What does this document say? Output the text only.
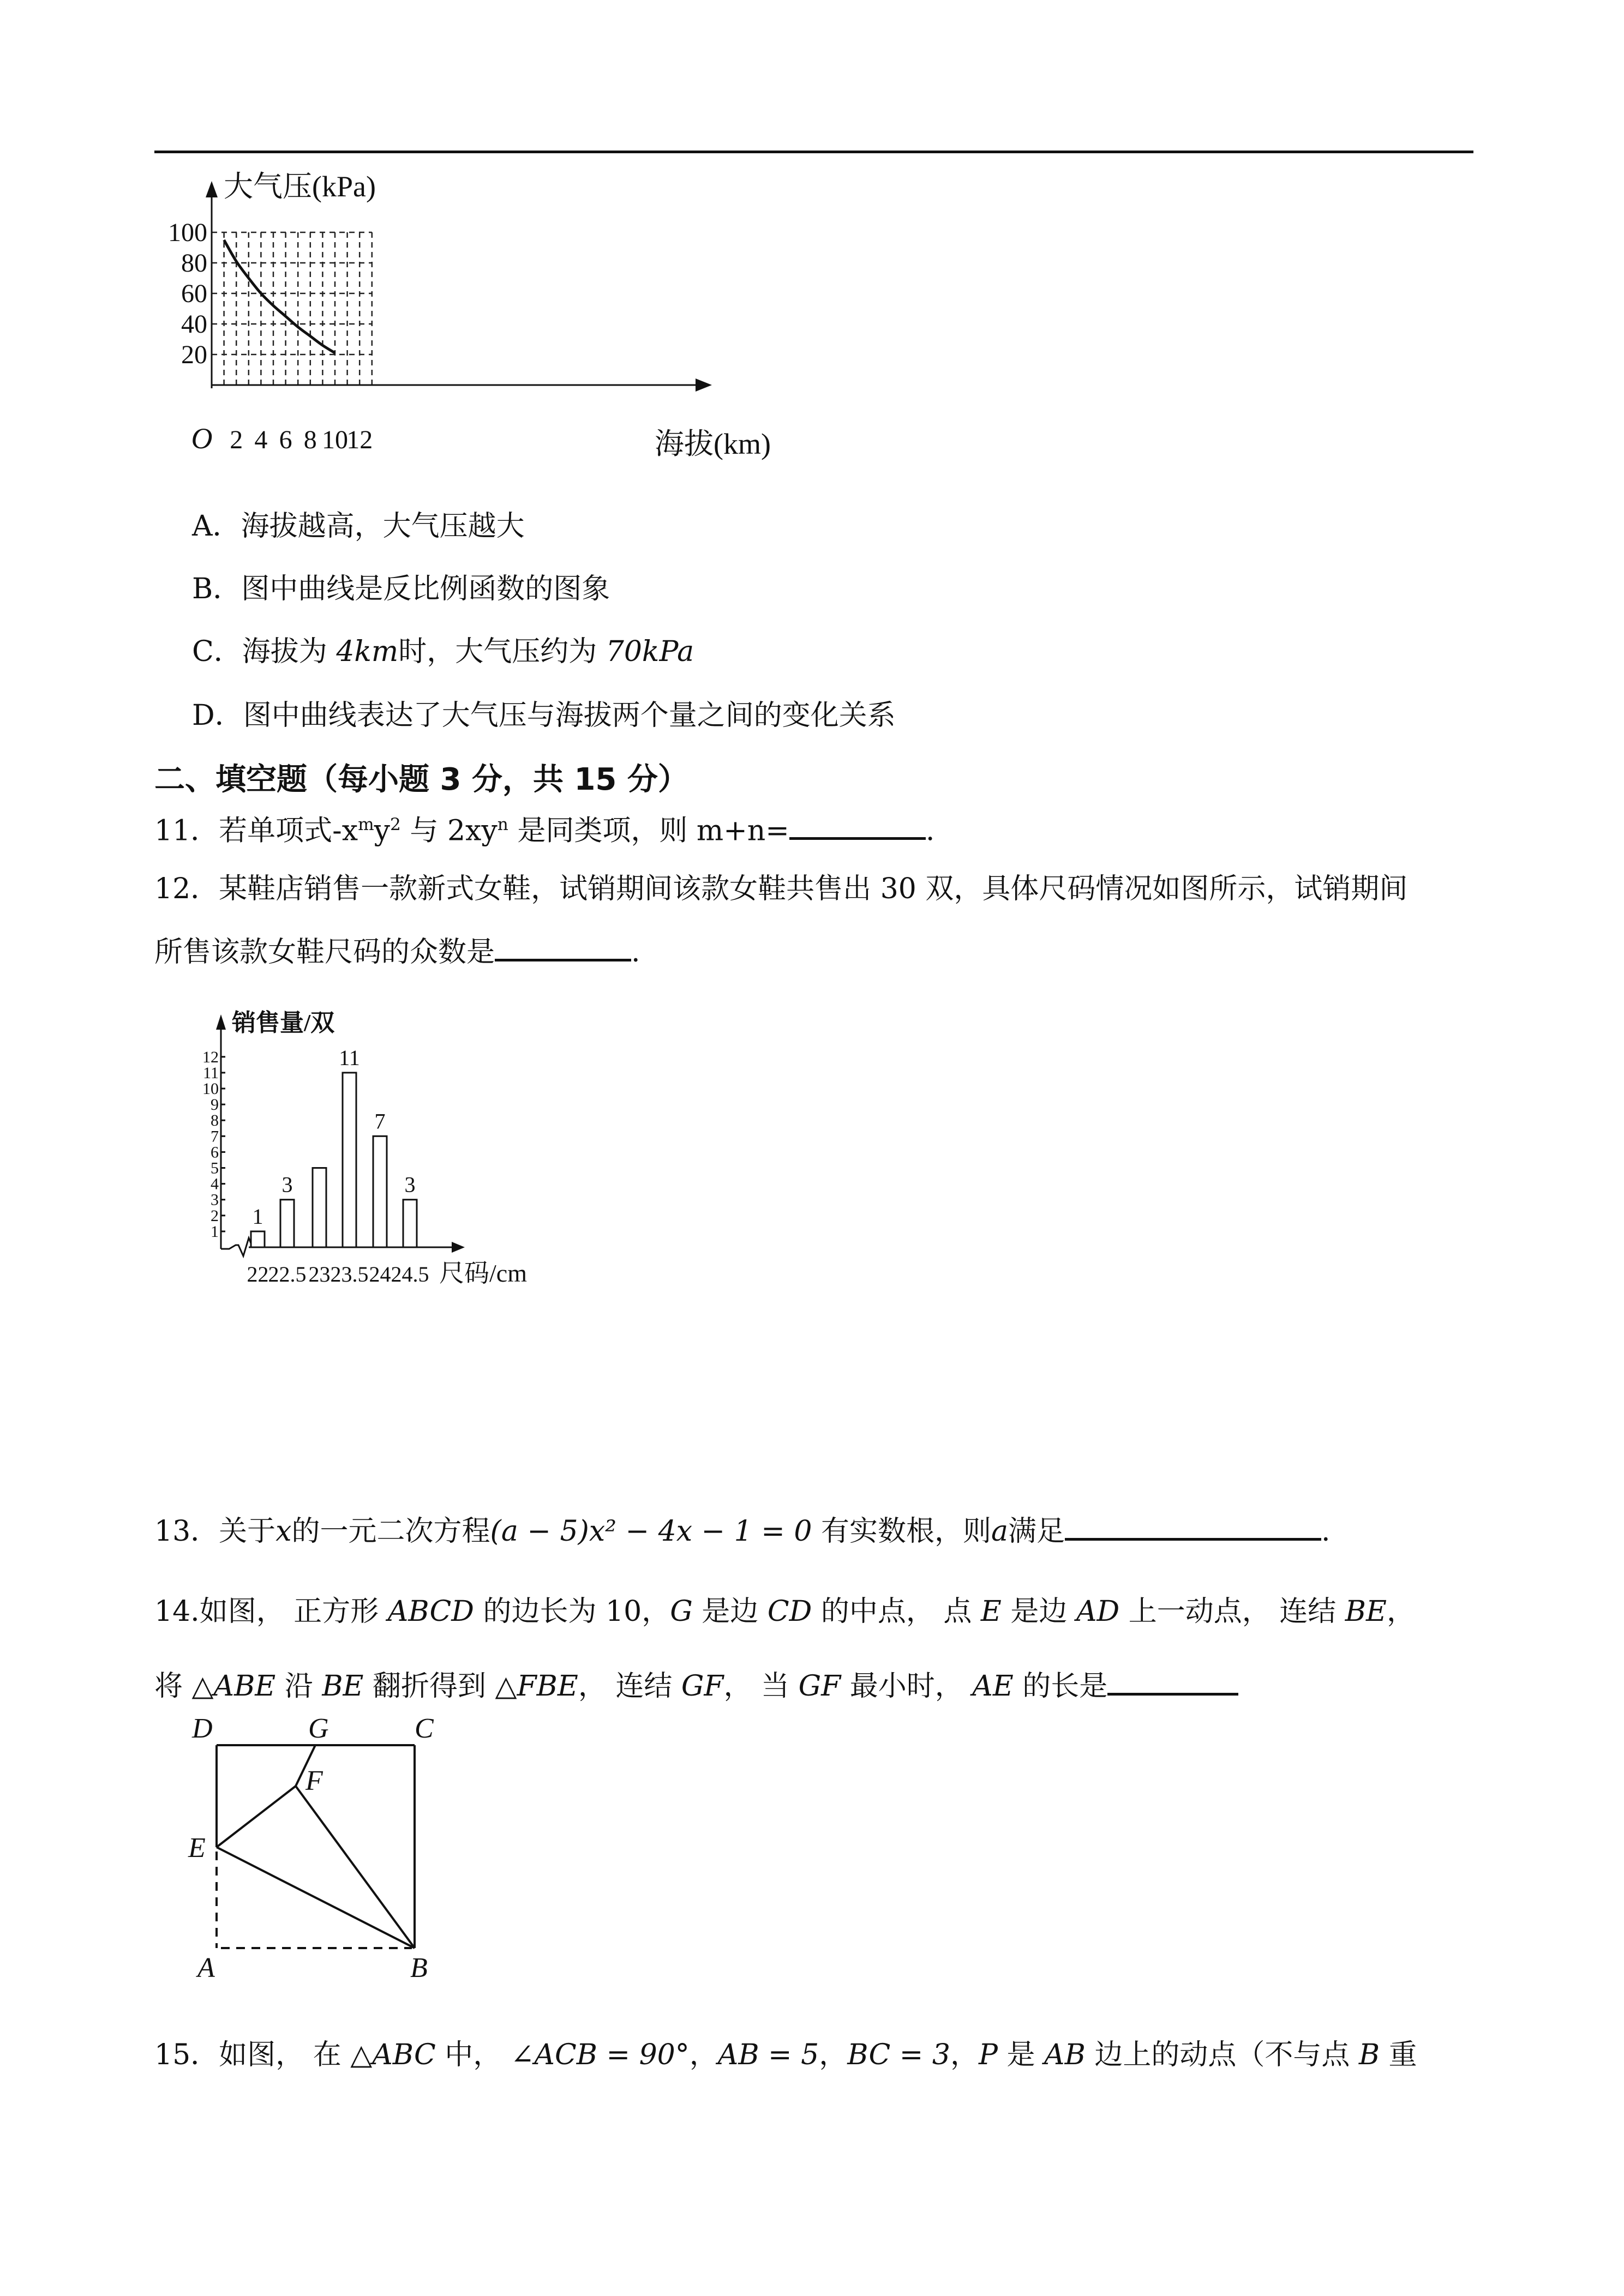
大气压(kPa)
海拔(km)
O 2 4 6 8 10
12
20
40
60
80
100
A．海拔越高，大气压越大
B．图中曲线是反比例函数的图象
C．海拔为 4km时，大气压约为 70kPa
D．图中曲线表达了大气压与海拔两个量之间的变化关系
二、填空题（每小题 3 分，共 15 分）
11．若单项式$-x^my^2$ 与 $2xy^n$ 是同类项，则 m+n=	.
12．某鞋店销售一款新式女鞋，试销期间该款女鞋共售出 30 双，具体尺码情况如图所示，试销期间
所售该款女鞋尺码的众数是	.
销售量/双
尺码/cm
1
2
3
4
5
6
7
8
9
10
11
12
22
1
22.5
3
23 23.5
11
24
7
24.5
3
13．关于x的一元二次方程(a − 5)x² − 4x − 1 = 0 有实数根，则a满足	.
14.如图， 正方形 ABCD 的边长为 10，G 是边 CD 的中点， 点 E 是边 AD 上一动点， 连结 BE，
将 △ABE 沿 BE 翻折得到 △FBE， 连结 GF， 当 GF 最小时， AE 的长是
D	G	C
F
E
A	B
15．如图， 在 △ABC 中， ∠ACB = 90°，AB = 5，BC = 3，P 是 AB 边上的动点（不与点 B 重
